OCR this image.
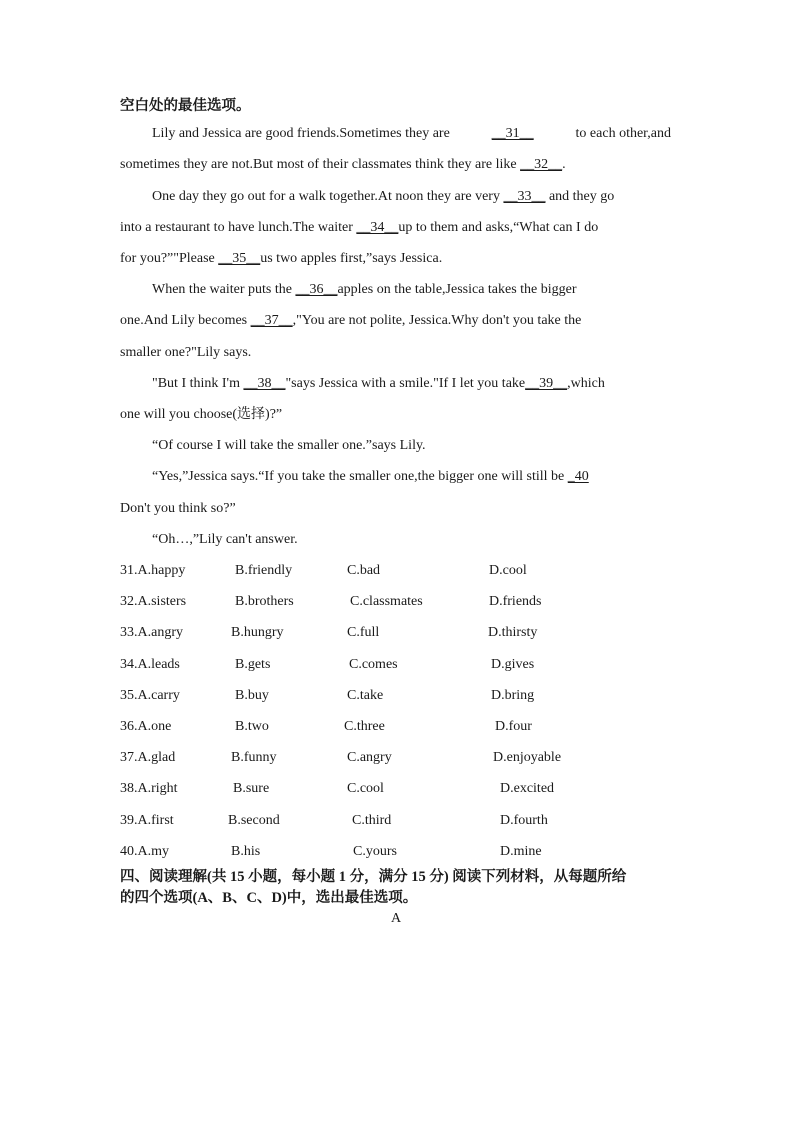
空白处的最佳选项。
Lily and Jessica are good friends.Sometimes they are	__31__	to each other,and
sometimes they are not.But most of their classmates think they are like __32__.
One day they go out for a walk together.At noon they are very __33__ and they go
into a restaurant to have lunch.The waiter __34__up to them and asks,“What can I do
for you?”"Please __35__us two apples first,”says Jessica.
When the waiter puts the __36__apples on the table,Jessica takes the bigger
one.And Lily becomes __37__,"You are not polite, Jessica.Why don't you take the
smaller one?"Lily says.
"But I think I'm __38__"says Jessica with a smile."If I let you take__39__,which
one will you choose(选择)?”
“Of course I will take the smaller one.”says Lily.
“Yes,”Jessica says.“If you take the smaller one,the bigger one will still be _40
Don't you think so?”
“Oh…,”Lily can't answer.
31.A.happy	B.friendly	C.bad	D.cool
32.A.sisters	B.brothers	C.classmates	D.friends
33.A.angry	B.hungry	C.full	D.thirsty
34.A.leads	B.gets	C.comes	D.gives
35.A.carry	B.buy	C.take	D.bring
36.A.one	B.two	C.three	D.four
37.A.glad	B.funny	C.angry	D.enjoyable
38.A.right	B.sure	C.cool	D.excited
39.A.first	B.second	C.third	D.fourth
40.A.my	B.his	C.yours	D.mine
四、阅读理解(共 15 小题，每小题 1 分，满分 15 分) 阅读下列材料，从每题所给
的四个选项(A、B、C、D)中，选出最佳选项。
A
